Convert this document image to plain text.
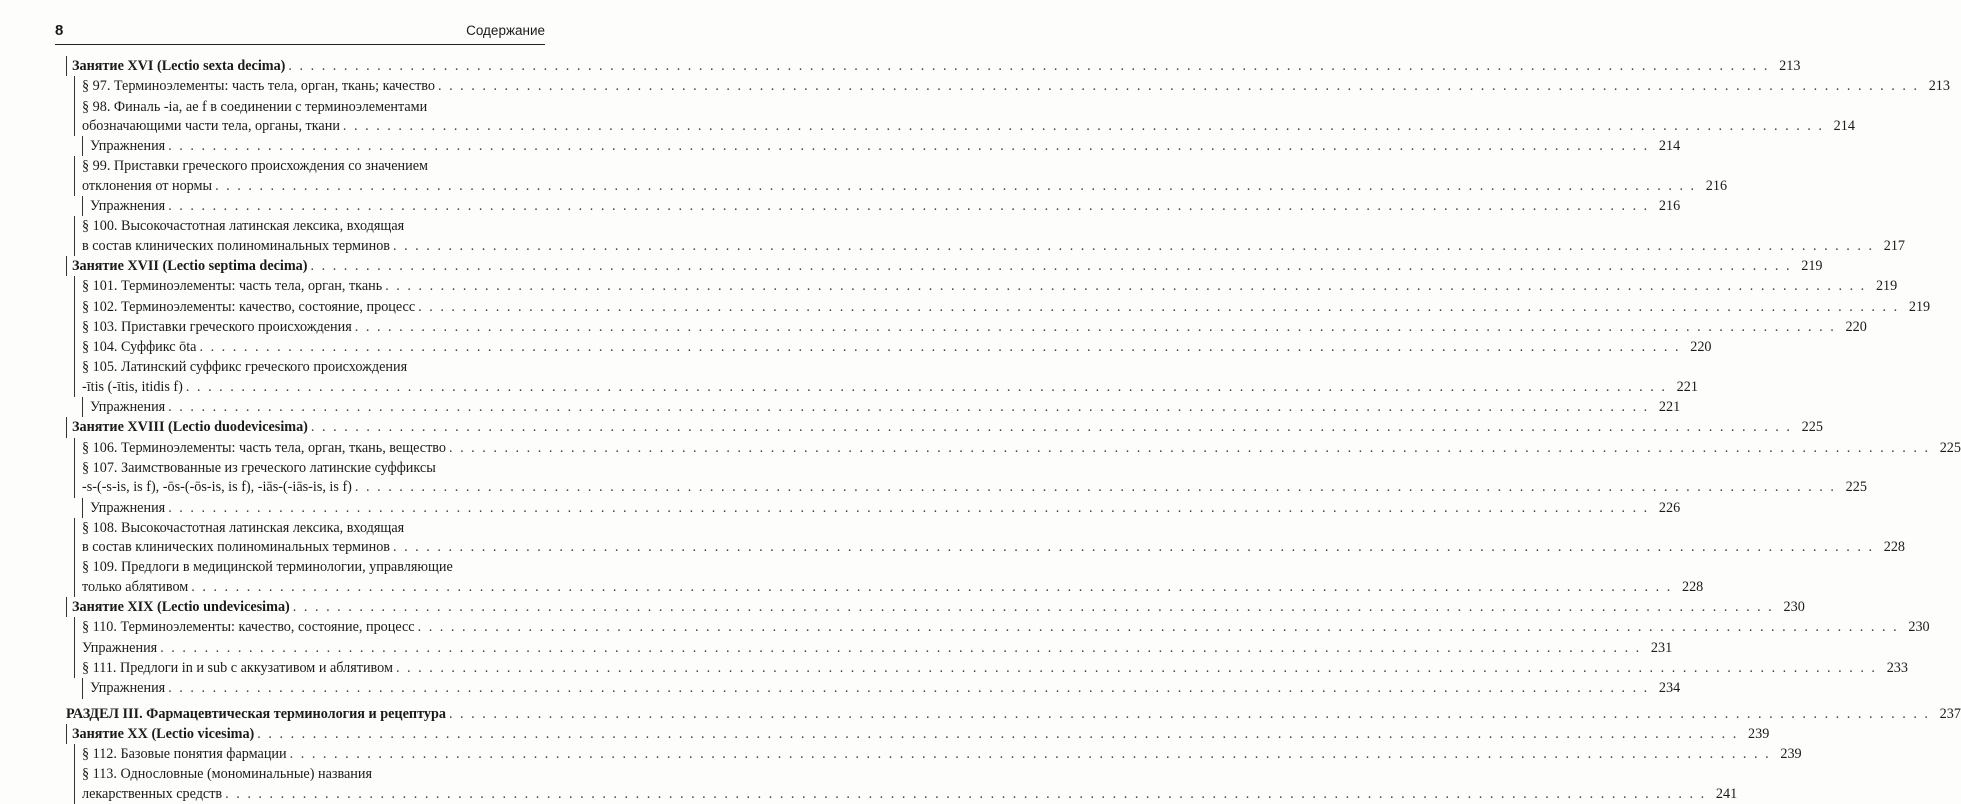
8	Содержание
Занятие XVI (Lectio sexta decima) . . .	213
§ 97. Терминоэлементы: часть тела, орган, ткань; качество . . .	213
§ 98. Финаль -ia, ae f в соединении с терминоэлементами
обозначающими части тела, органы, ткани . . .	214
Упражнения . . .	214
§ 99. Приставки греческого происхождения со значением
отклонения от нормы . . .	216
Упражнения . . .	216
§ 100. Высокочастотная латинская лексика, входящая
в состав клинических полиноминальных терминов . . .	217
Занятие XVII (Lectio septima decima) . . .	219
§ 101. Терминоэлементы: часть тела, орган, ткань . . .	219
§ 102. Терминоэлементы: качество, состояние, процесс . . .	219
§ 103. Приставки греческого происхождения . . .	220
§ 104. Суффикс ōta . . .	220
§ 105. Латинский суффикс греческого происхождения
-ītis (-ītis, itidis f) . . .	221
Упражнения . . .	221
Занятие XVIII (Lectio duodevicesima) . . .	225
§ 106. Терминоэлементы: часть тела, орган, ткань, вещество . . .	225
§ 107. Заимствованные из греческого латинские суффиксы
-s-(-s-is, is f), -ōs-(-ōs-is, is f), -iās-(-iās-is, is f) . . .	225
Упражнения . . .	226
§ 108. Высокочастотная латинская лексика, входящая
в состав клинических полиноминальных терминов . . .	228
§ 109. Предлоги в медицинской терминологии, управляющие
только аблятивом . . .	228
Занятие XIX (Lectio undevicesima) . . .	230
§ 110. Терминоэлементы: качество, состояние, процесс . . .	230
Упражнения . . .	231
§ 111. Предлоги in и sub с аккузативом и аблятивом . . .	233
Упражнения . . .	234
РАЗДЕЛ III. Фармацевтическая терминология и рецептура . . .	237
Занятие XX (Lectio vicesima) . . .	239
§ 112. Базовые понятия фармации . . .	239
§ 113. Однословные (мономинальные) названия
лекарственных средств . . .	241
